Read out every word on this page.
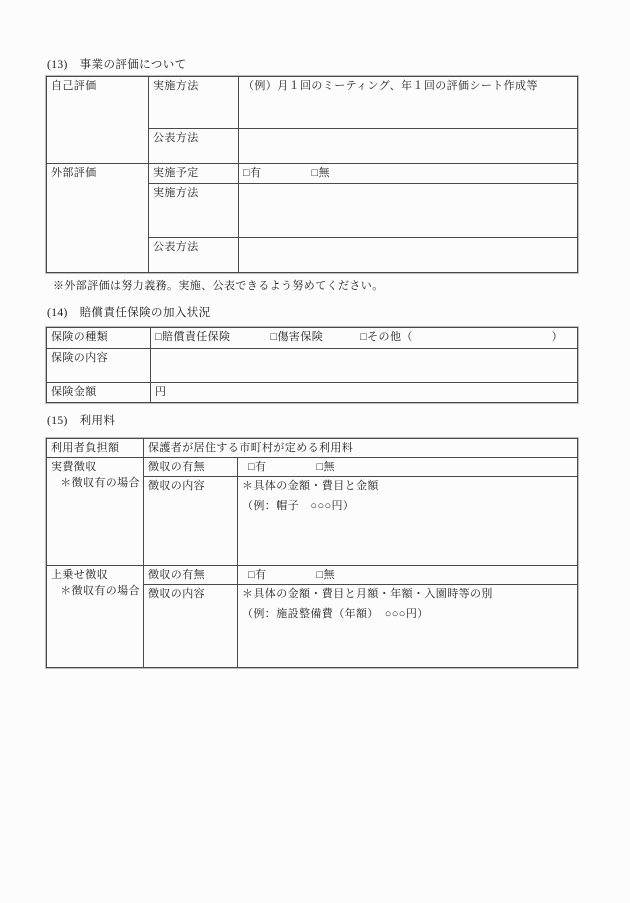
(13)　事業の評価について
自己評価	実施方法	（例）月１回のミーティング、年１回の評価シート作成等
	公表方法	
外部評価	実施予定	□有 □無

	実施方法	
	公表方法	
※外部評価は努力義務。実施、公表できるよう努めてください。
(14)　賠償責任保険の加入状況
保険の種類	□賠償責任保険 □傷害保険 □その他 （ ）

保険の内容	
保険金額	円
(15)　利用料
利用者負担額	保護者が居住する市町村が定める利用料	

実費徴収
＊徴収有の場合
	徴収の有無	□有	□無

	徴収の内容	＊具体の金額・費目と金額
（例：帽子　○○○円）

上乗せ徴収
＊徴収有の場合
	徴収の有無	□有	□無

	徴収の内容	＊具体の金額・費目と月額・年額・入園時等の別
（例：施設整備費（年額）　○○○円）
